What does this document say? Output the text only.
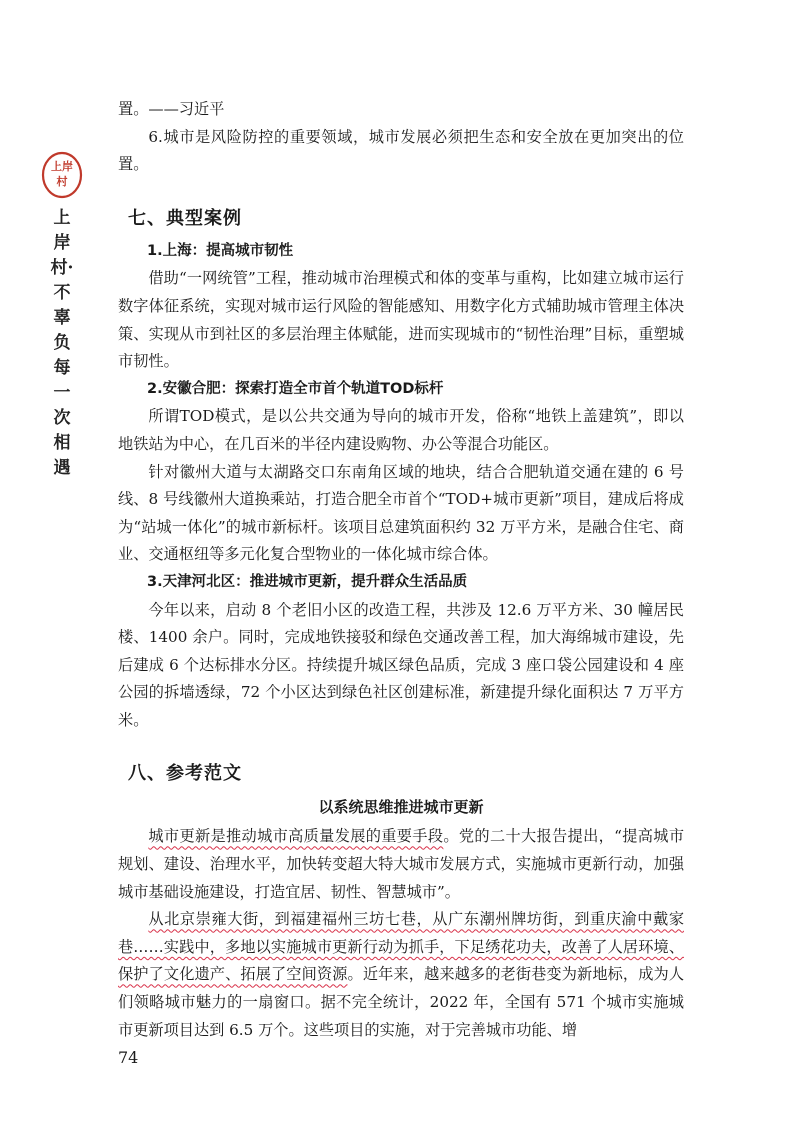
上岸
村
上岸村·不辜负每一次相遇

置。——习近平

6.城市是风险防控的重要领域，城市发展必须把生态和安全放在更加突出的位置。

七、典型案例

1.上海：提高城市韧性

借助“一网统管”工程，推动城市治理模式和体的变革与重构，比如建立城市运行数字体征系统，实现对城市运行风险的智能感知、用数字化方式辅助城市管理主体决策、实现从市到社区的多层治理主体赋能，进而实现城市的“韧性治理”目标，重塑城市韧性。

2.安徽合肥：探索打造全市首个轨道TOD标杆

所谓TOD模式，是以公共交通为导向的城市开发，俗称“地铁上盖建筑”，即以地铁站为中心，在几百米的半径内建设购物、办公等混合功能区。

针对徽州大道与太湖路交口东南角区域的地块，结合合肥轨道交通在建的 6 号线、8 号线徽州大道换乘站，打造合肥全市首个“TOD+城市更新”项目，建成后将成为“站城一体化”的城市新标杆。该项目总建筑面积约 32 万平方米，是融合住宅、商业、交通枢纽等多元化复合型物业的一体化城市综合体。

3.天津河北区：推进城市更新，提升群众生活品质

今年以来，启动 8 个老旧小区的改造工程，共涉及 12.6 万平方米、30 幢居民楼、1400 余户。同时，完成地铁接驳和绿色交通改善工程，加大海绵城市建设，先后建成 6 个达标排水分区。持续提升城区绿色品质，完成 3 座口袋公园建设和 4 座公园的拆墙透绿，72 个小区达到绿色社区创建标准，新建提升绿化面积达 7 万平方米。

八、参考范文
以系统思维推进城市更新

城市更新是推动城市高质量发展的重要手段。党的二十大报告提出，“提高城市规划、建设、治理水平，加快转变超大特大城市发展方式，实施城市更新行动，加强城市基础设施建设，打造宜居、韧性、智慧城市”。

从北京崇雍大街，到福建福州三坊七巷，从广东潮州牌坊街，到重庆渝中戴家巷……实践中，多地以实施城市更新行动为抓手，下足绣花功夫，改善了人居环境、保护了文化遗产、拓展了空间资源。近年来，越来越多的老街巷变为新地标，成为人们领略城市魅力的一扇窗口。据不完全统计，2022 年，全国有 571 个城市实施城市更新项目达到 6.5 万个。这些项目的实施，对于完善城市功能、增

74
